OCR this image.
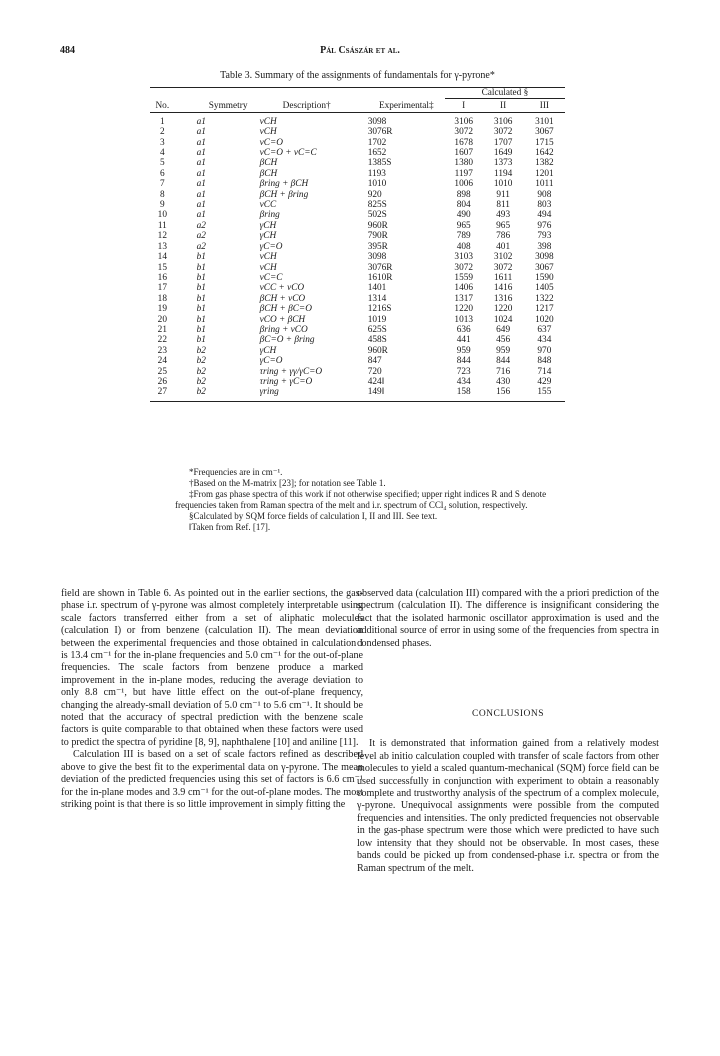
484	Pál Császár et al.
Table 3. Summary of the assignments of fundamentals for γ-pyrone*
				Calculated §		

No.	Symmetry	Description†	Experimental‡	I	II	III

1	a1	νCH	3098	3106	3106	3101
2	a1	νCH	3076R	3072	3072	3067
3	a1	νC=O	1702	1678	1707	1715
4	a1	νC=O + νC=C	1652	1607	1649	1642
5	a1	βCH	1385S	1380	1373	1382
6	a1	βCH	1193	1197	1194	1201
7	a1	βring + βCH	1010	1006	1010	1011
8	a1	βCH + βring	920	898	911	908
9	a1	νCC	825S	804	811	803
10	a1	βring	502S	490	493	494
11	a2	γCH	960R	965	965	976
12	a2	γCH	790R	789	786	793
13	a2	γC=O	395R	408	401	398
14	b1	νCH	3098	3103	3102	3098
15	b1	νCH	3076R	3072	3072	3067
16	b1	νC=C	1610R	1559	1611	1590
17	b1	νCC + νCO	1401	1406	1416	1405
18	b1	βCH + νCO	1314	1317	1316	1322
19	b1	βCH + βC=O	1216S	1220	1220	1217
20	b1	νCO + βCH	1019	1013	1024	1020
21	b1	βring + νCO	625S	636	649	637
22	b1	βC=O + βring	458S	441	456	434
23	b2	γCH	960R	959	959	970
24	b2	γC=O	847	844	844	848
25	b2	τring + γγ/γC=O	720	723	716	714
26	b2	τring + γC=O	424‖	434	430	429
27	b2	γring	149‖	158	156	155

*Frequencies are in cm⁻¹.

†Based on the M-matrix [23]; for notation see Table 1.

‡From gas phase spectra of this work if not otherwise specified; upper right indices R and S denote frequencies taken from Raman spectra of the melt and i.r. spectrum of CCl₄ solution, respectively.

§Calculated by SQM force fields of calculation I, II and III. See text.

‖Taken from Ref. [17].

field are shown in Table 6. As pointed out in the earlier sections, the gas-phase i.r. spectrum of γ-pyrone was almost completely interpretable using scale factors transferred either from a set of aliphatic molecules (calculation I) or from benzene (calculation II). The mean deviation between the experimental frequencies and those obtained in calculation I is 13.4 cm⁻¹ for the in-plane frequencies and 5.0 cm⁻¹ for the out-of-plane frequencies. The scale factors from benzene produce a marked improvement in the in-plane modes, reducing the average deviation to only 8.8 cm⁻¹, but have little effect on the out-of-plane frequency, changing the already-small deviation of 5.0 cm⁻¹ to 5.6 cm⁻¹. It should be noted that the accuracy of spectral prediction with the benzene scale factors is quite comparable to that obtained when these factors were used to predict the spectra of pyridine [8, 9], naphthalene [10] and aniline [11].

Calculation III is based on a set of scale factors refined as described above to give the best fit to the experimental data on γ-pyrone. The mean deviation of the predicted frequencies using this set of factors is 6.6 cm⁻¹ for the in-plane modes and 3.9 cm⁻¹ for the out-of-plane modes. The most striking point is that there is so little improvement in simply fitting the

observed data (calculation III) compared with the a priori prediction of the spectrum (calculation II). The difference is insignificant considering the fact that the isolated harmonic oscillator approximation is used and the additional source of error in using some of the frequencies from spectra in condensed phases.

CONCLUSIONS

It is demonstrated that information gained from a relatively modest level ab initio calculation coupled with transfer of scale factors from other molecules to yield a scaled quantum-mechanical (SQM) force field can be used successfully in conjunction with experiment to obtain a reasonably complete and trustworthy analysis of the spectrum of a complex molecule, γ-pyrone. Unequivocal assignments were possible from the computed frequencies and intensities. The only predicted frequencies not observable in the gas-phase spectrum were those which were predicted to have such low intensity that they should not be observable. In most cases, these bands could be picked up from condensed-phase i.r. spectra or from the Raman spectrum of the melt.
